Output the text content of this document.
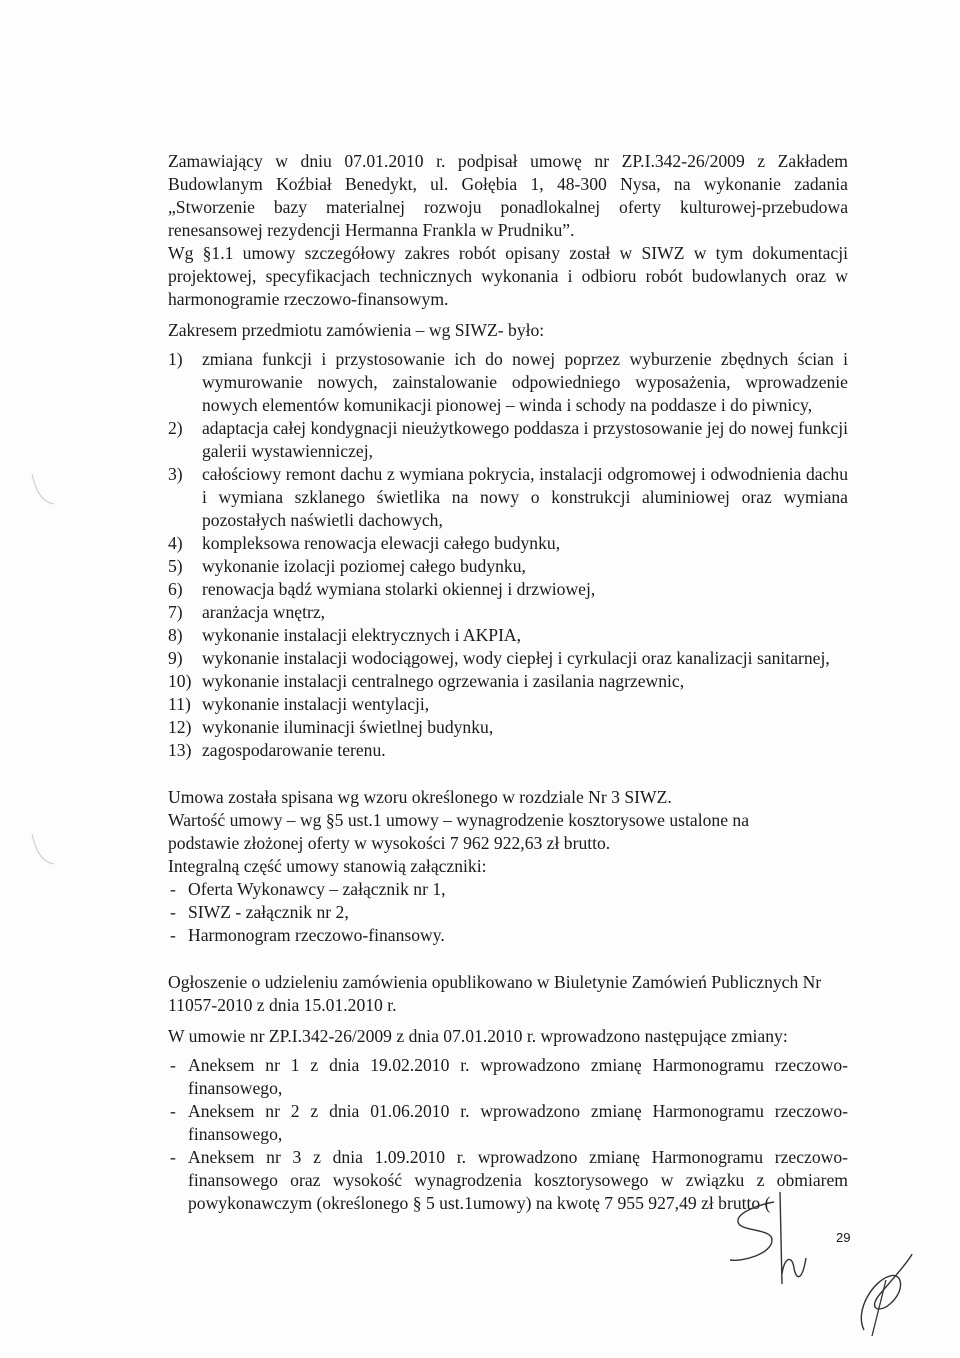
Zamawiający w dniu 07.01.2010 r. podpisał umowę nr ZP.I.342-26/2009 z Zakładem Budowlanym Koźbiał Benedykt, ul. Gołębia 1, 48-300 Nysa, na wykonanie zadania „Stworzenie bazy materialnej rozwoju ponadlokalnej oferty kulturowej-przebudowa renesansowej rezydencji Hermanna Frankla w Prudniku”.

Wg §1.1 umowy szczegółowy zakres robót opisany został w SIWZ w tym dokumentacji projektowej, specyfikacjach technicznych wykonania i odbioru robót budowlanych oraz w harmonogramie rzeczowo-finansowym.

Zakresem przedmiotu zamówienia – wg SIWZ- było:

1) zmiana funkcji i przystosowanie ich do nowej poprzez wyburzenie zbędnych ścian i wymurowanie nowych, zainstalowanie odpowiedniego wyposażenia, wprowadzenie nowych elementów komunikacji pionowej – winda i schody na poddasze i do piwnicy,
2) adaptacja całej kondygnacji nieużytkowego poddasza i przystosowanie jej do nowej funkcji galerii wystawienniczej,
3) całościowy remont dachu z wymiana pokrycia, instalacji odgromowej i odwodnienia dachu i wymiana szklanego świetlika na nowy o konstrukcji aluminiowej oraz wymiana pozostałych naświetli dachowych,
4) kompleksowa renowacja elewacji całego budynku,
5) wykonanie izolacji poziomej całego budynku,
6) renowacja bądź wymiana stolarki okiennej i drzwiowej,
7) aranżacja wnętrz,
8) wykonanie instalacji elektrycznych i AKPIA,
9) wykonanie instalacji wodociągowej, wody ciepłej i cyrkulacji oraz kanalizacji sanitarnej,
10) wykonanie instalacji centralnego ogrzewania i zasilania nagrzewnic,
11) wykonanie instalacji wentylacji,
12) wykonanie iluminacji świetlnej budynku,
13) zagospodarowanie terenu.

Umowa została spisana wg wzoru określonego w rozdziale Nr 3 SIWZ.

Wartość umowy – wg §5 ust.1 umowy – wynagrodzenie kosztorysowe ustalone na podstawie złożonej oferty w wysokości 7 962 922,63 zł brutto.

Integralną część umowy stanowią załączniki:

- Oferta Wykonawcy – załącznik nr 1,
- SIWZ - załącznik nr 2,
- Harmonogram rzeczowo-finansowy.

Ogłoszenie o udzieleniu zamówienia opublikowano w Biuletynie Zamówień Publicznych Nr 11057-2010 z dnia 15.01.2010 r.

W umowie nr ZP.I.342-26/2009 z dnia 07.01.2010 r. wprowadzono następujące zmiany:

- Aneksem nr 1 z dnia 19.02.2010 r. wprowadzono zmianę Harmonogramu rzeczowo-finansowego,
- Aneksem nr 2 z dnia 01.06.2010 r. wprowadzono zmianę Harmonogramu rzeczowo-finansowego,
- Aneksem nr 3 z dnia 1.09.2010 r. wprowadzono zmianę Harmonogramu rzeczowo-finansowego oraz wysokość wynagrodzenia kosztorysowego w związku z obmiarem powykonawczym (określonego § 5 ust.1umowy) na kwotę 7 955 927,49 zł brutto (
29
